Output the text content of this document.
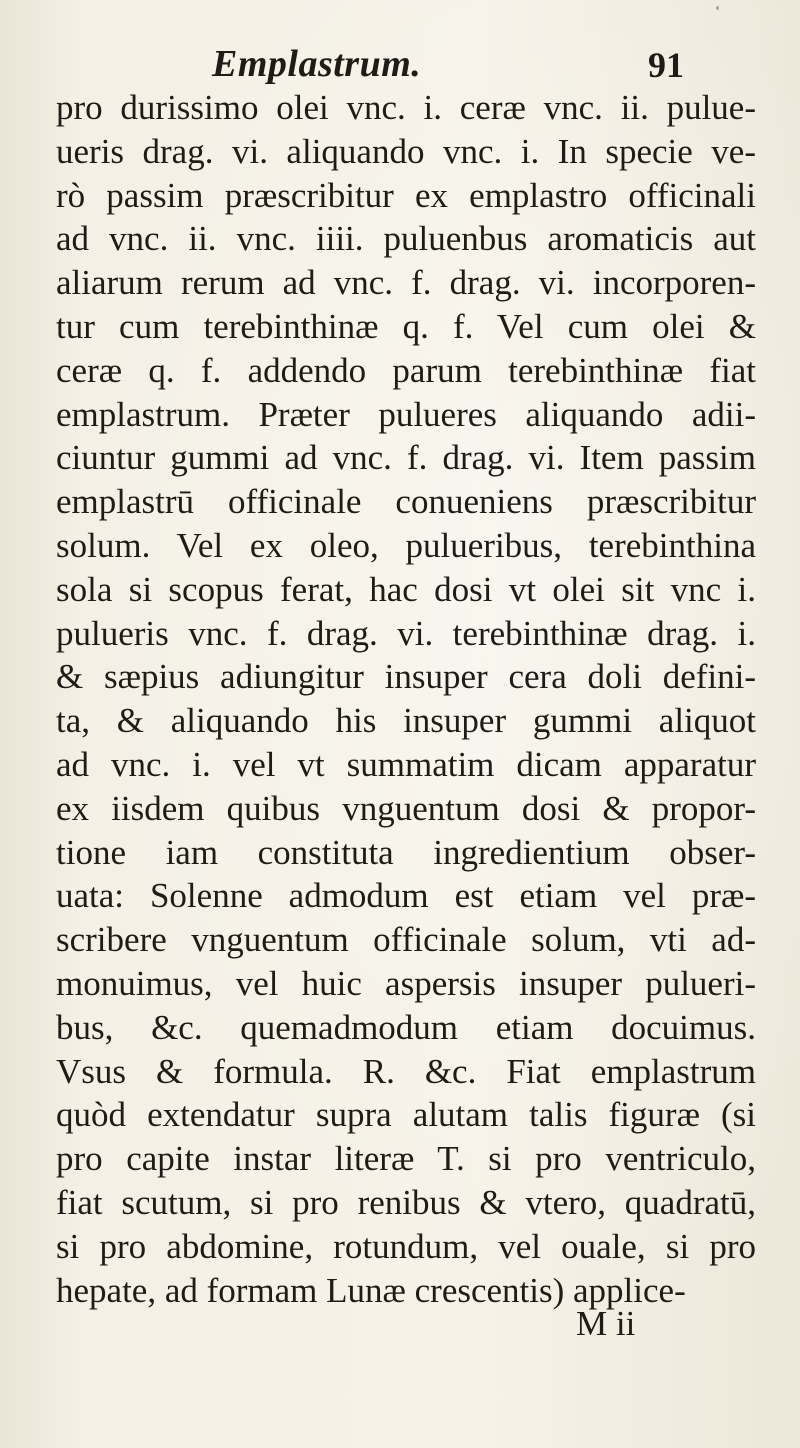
Emplastrum.	91
pro durissimo olei vnc. i. ceræ vnc. ii. pulue-
ueris drag. vi. aliquando vnc. i. In specie ve-
rò passim præscribitur ex emplastro officinali
ad vnc. ii. vnc. iiii. puluenbus aromaticis aut
aliarum rerum ad vnc. f. drag. vi. incorporen-
tur cum terebinthinæ q. f. Vel cum olei &
ceræ q. f. addendo parum terebinthinæ fiat
emplastrum. Præter pulueres aliquando adii-
ciuntur gummi ad vnc. f. drag. vi. Item passim
emplastrū officinale conueniens præscribitur
solum. Vel ex oleo, pulueribus, terebinthina
sola si scopus ferat, hac dosi vt olei sit vnc i.
pulueris vnc. f. drag. vi. terebinthinæ drag. i.
& sæpius adiungitur insuper cera doli defini-
ta, & aliquando his insuper gummi aliquot
ad vnc. i. vel vt summatim dicam apparatur
ex iisdem quibus vnguentum dosi & propor-
tione iam constituta ingredientium obser-
uata: Solenne admodum est etiam vel præ-
scribere vnguentum officinale solum, vti ad-
monuimus, vel huic aspersis insuper pulueri-
bus, &c. quemadmodum etiam docuimus.
Vsus & formula. R. &c. Fiat emplastrum
quòd extendatur supra alutam talis figuræ (si
pro capite instar literæ T. si pro ventriculo,
fiat scutum, si pro renibus & vtero, quadratū,
si pro abdomine, rotundum, vel ouale, si pro
hepate, ad formam Lunæ crescentis) applice-
M ii
